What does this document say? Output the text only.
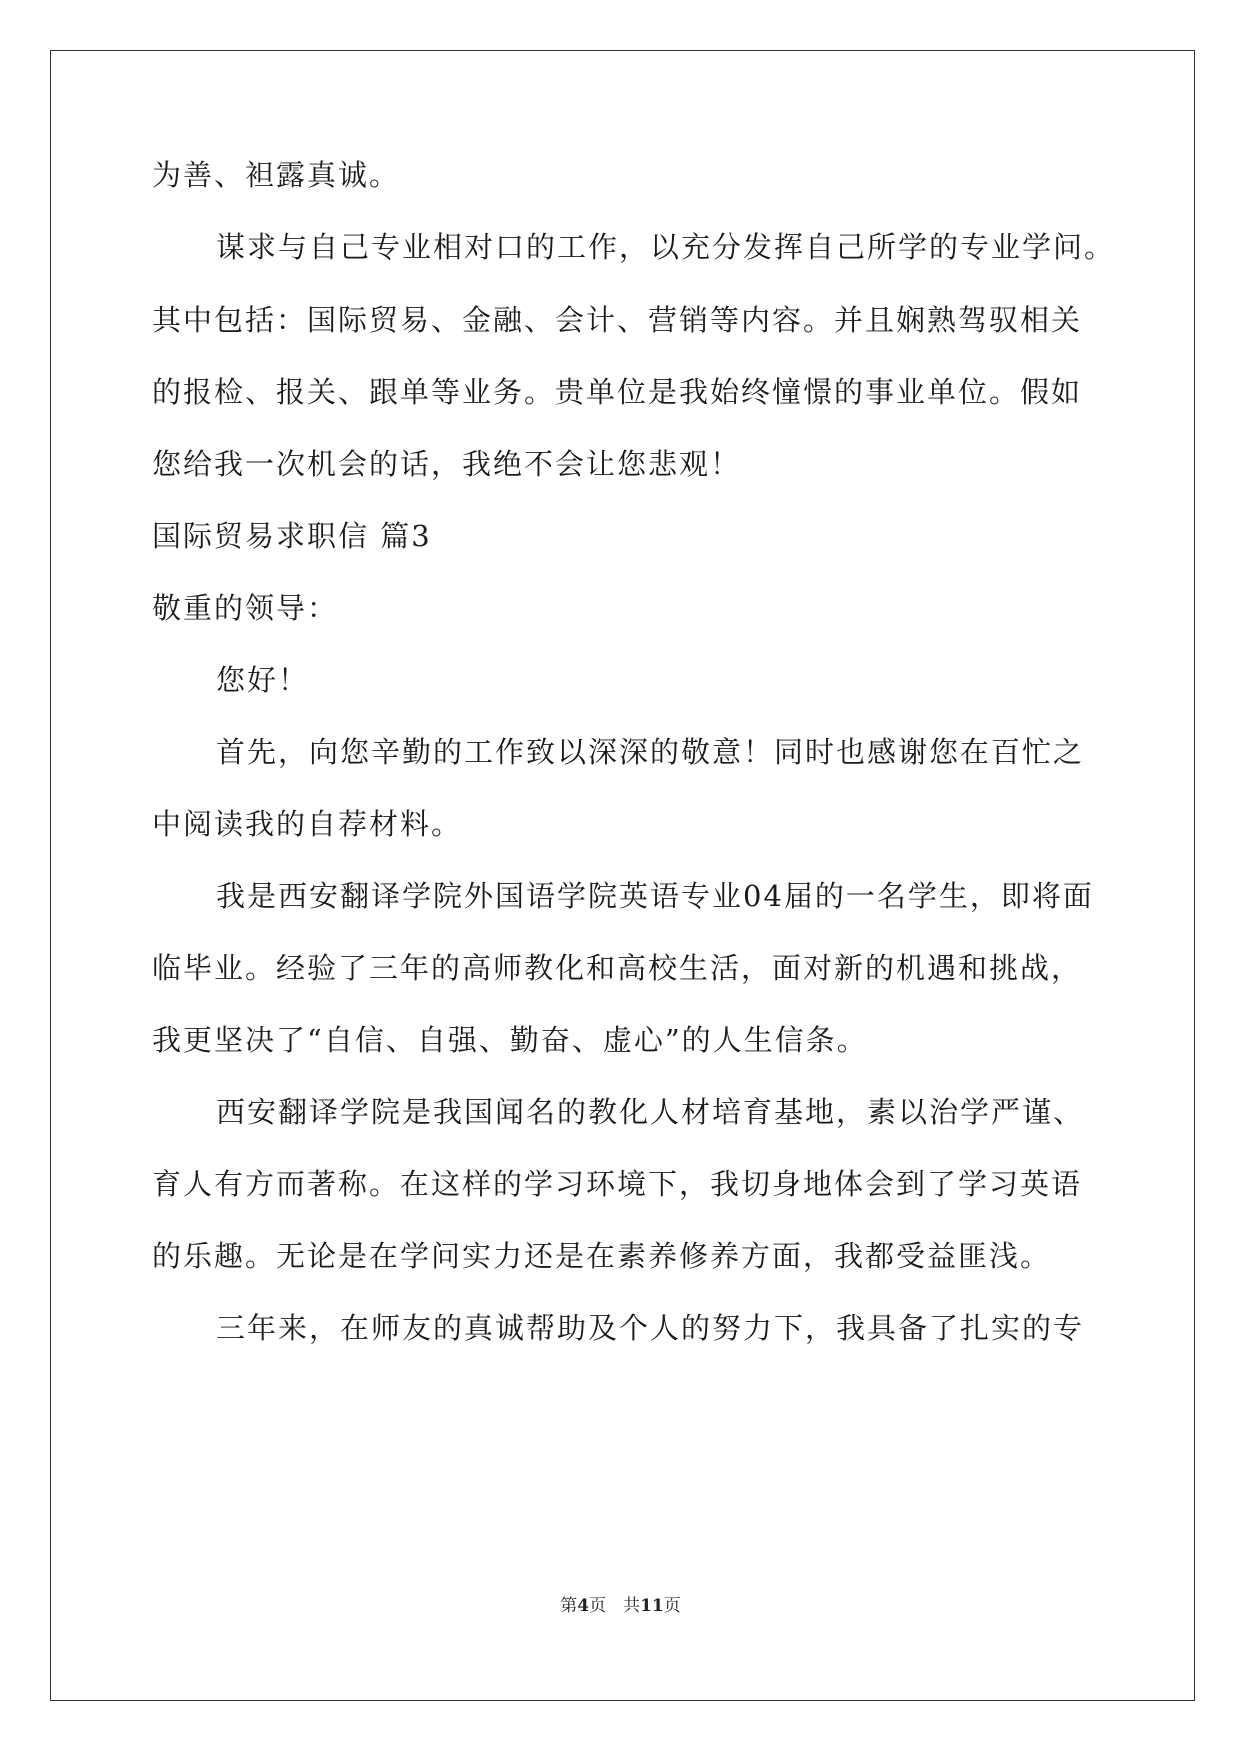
为善、袒露真诚。
谋求与自己专业相对口的工作，以充分发挥自己所学的专业学问。
其中包括：国际贸易、金融、会计、营销等内容。并且娴熟驾驭相关
的报检、报关、跟单等业务。贵单位是我始终憧憬的事业单位。假如
您给我一次机会的话，我绝不会让您悲观！
国际贸易求职信 篇3
敬重的领导：
您好！
首先，向您辛勤的工作致以深深的敬意！同时也感谢您在百忙之
中阅读我的自荐材料。
我是西安翻译学院外国语学院英语专业04届的一名学生，即将面
临毕业。经验了三年的高师教化和高校生活，面对新的机遇和挑战，
我更坚决了“自信、自强、勤奋、虚心”的人生信条。
西安翻译学院是我国闻名的教化人材培育基地，素以治学严谨、
育人有方而著称。在这样的学习环境下，我切身地体会到了学习英语
的乐趣。无论是在学问实力还是在素养修养方面，我都受益匪浅。
三年来，在师友的真诚帮助及个人的努力下，我具备了扎实的专
第4页　共11页
